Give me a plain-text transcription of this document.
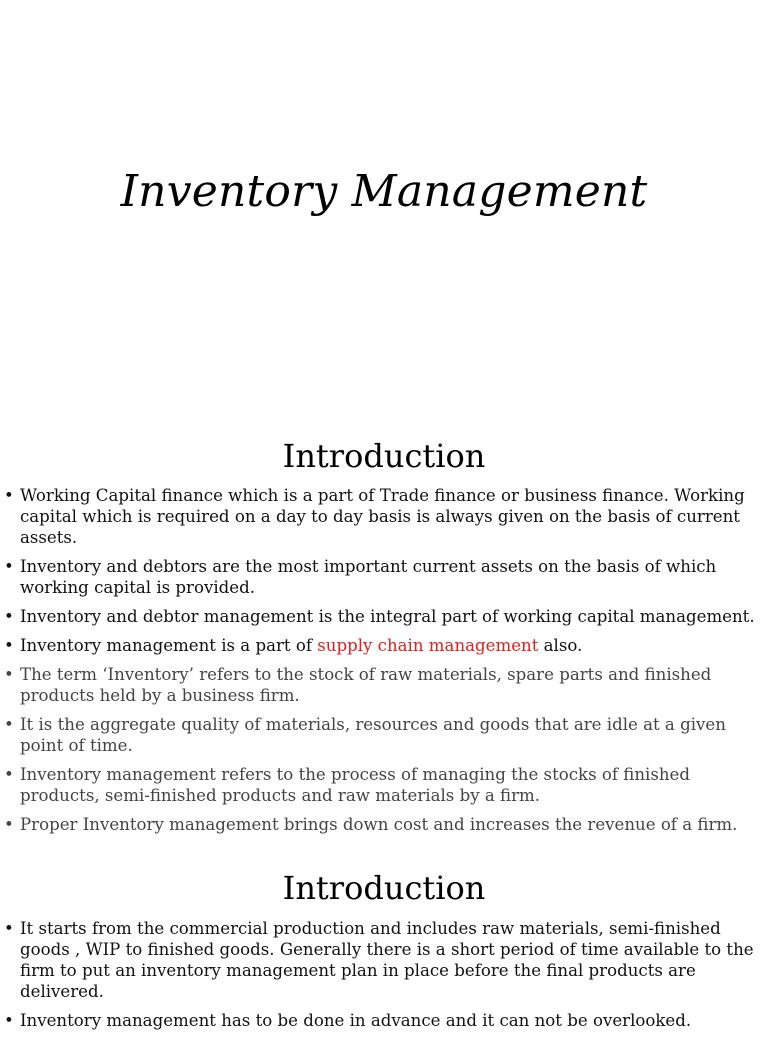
Inventory Management
Introduction
• Working Capital finance which is a part of Trade finance or business finance. Working capital which is required on a day to day basis is always given on the basis of current assets.
• Inventory and debtors are the most important current assets on the basis of which working capital is provided.
• Inventory and debtor management is the integral part of working capital management.
• Inventory management is a part of supply chain management also.
• The term ‘Inventory’ refers to the stock of raw materials, spare parts and finished products held by a business firm.
• It is the aggregate quality of materials, resources and goods that are idle at a given point of time.
• Inventory management refers to the process of managing the stocks of finished products, semi-finished products and raw materials by a firm.
• Proper Inventory management brings down cost and increases the revenue of a firm.
Introduction
• It starts from the commercial production and includes raw materials, semi-finished goods , WIP to finished goods. Generally there is a short period of time available to the firm to put an inventory management plan in place before the final products are delivered.
• Inventory management has to be done in advance and it can not be overlooked.
